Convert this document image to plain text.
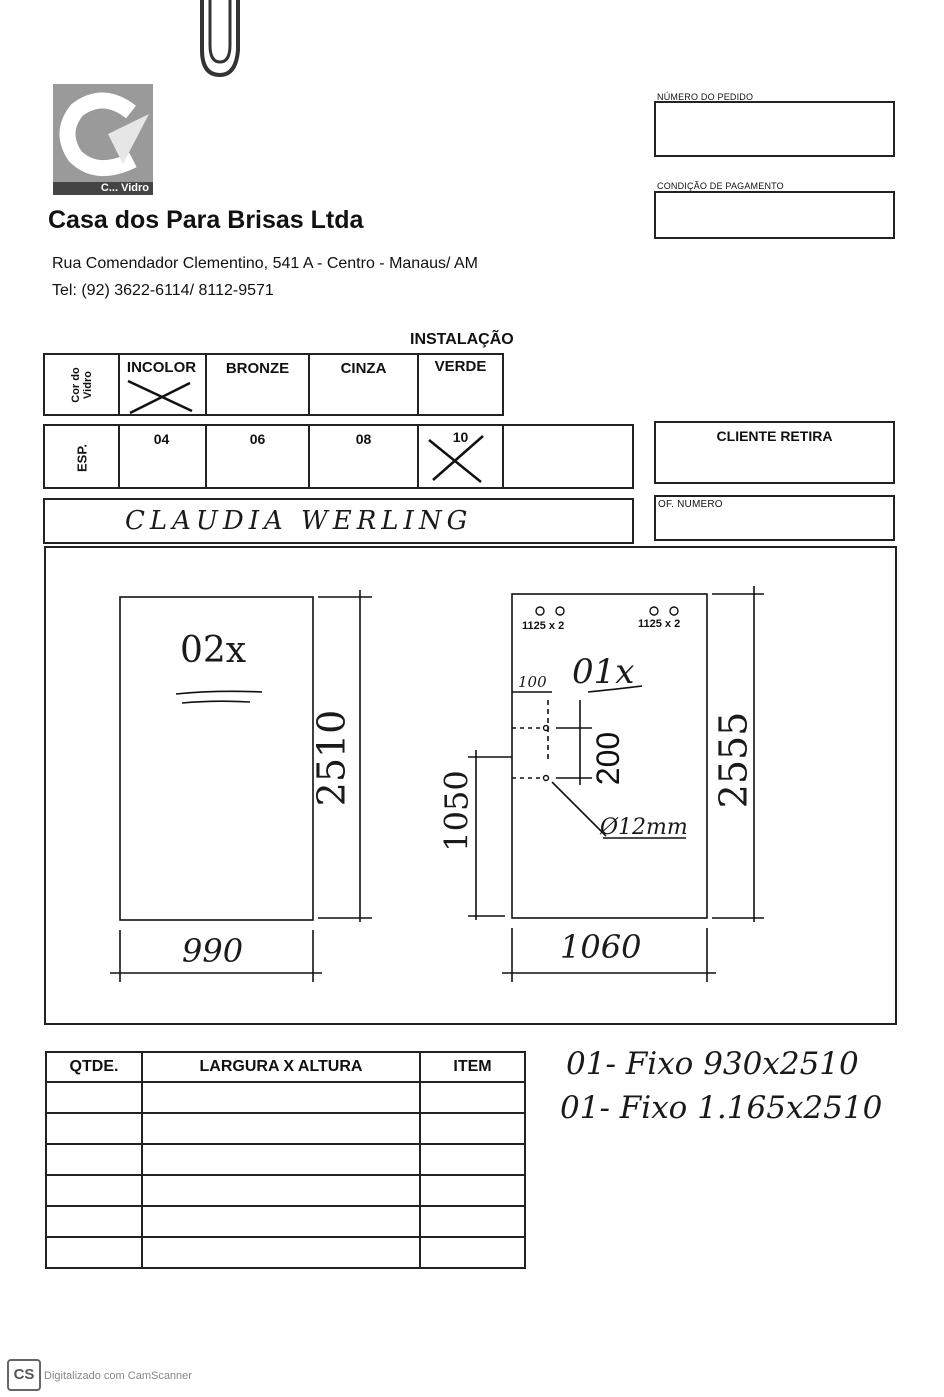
C... Vidro
Casa dos Para Brisas Ltda
Rua Comendador Clementino, 541 A - Centro - Manaus/ AM
Tel: (92) 3622-6114/ 8112-9571
NÚMERO DO PEDIDO
CONDIÇÃO DE PAGAMENTO
INSTALAÇÃO
Cor do Vidro
INCOLOR	BRONZE	CINZA	VERDE
ESP.
04	06	08	10	CLIENTE RETIRA
OF. NUMERO
CLAUDIA WERLING
02x
2510
990
1125 x 2	1125 x 2
01x
100
200
Ø12mm
1050
2555
1060
QTDE.	LARGURA X ALTURA	ITEM

		01- Fixo 930x2510
01- Fixo 1.165x2510
CS Digitalizado com CamScanner
